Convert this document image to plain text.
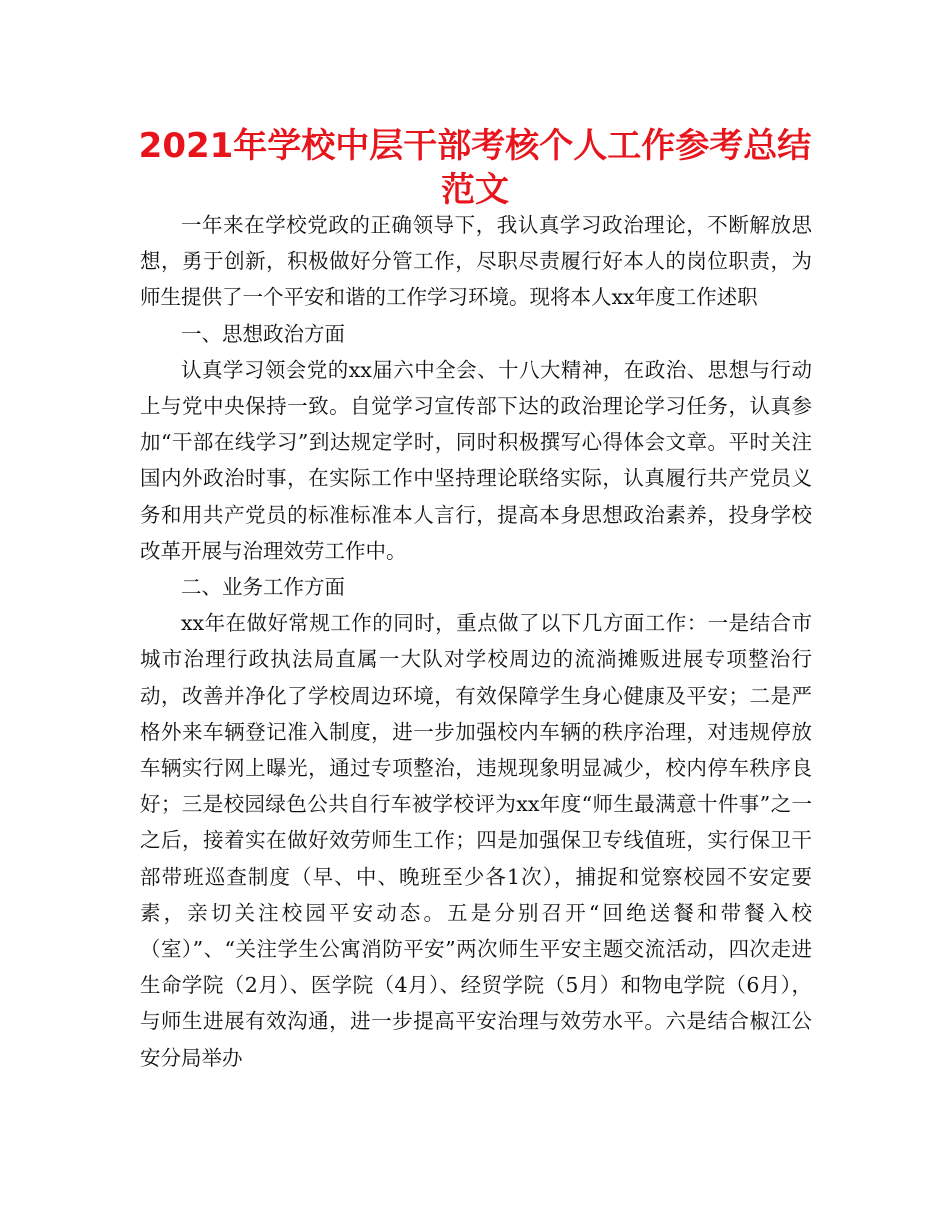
2021年学校中层干部考核个人工作参考总结范文

一年来在学校党政的正确领导下，我认真学习政治理论，不断解放思想，勇于创新，积极做好分管工作，尽职尽责履行好本人的岗位职责，为师生提供了一个平安和谐的工作学习环境。现将本人xx年度工作述职

一、思想政治方面

认真学习领会党的xx届六中全会、十八大精神，在政治、思想与行动上与党中央保持一致。自觉学习宣传部下达的政治理论学习任务，认真参加“干部在线学习”到达规定学时，同时积极撰写心得体会文章。平时关注国内外政治时事，在实际工作中坚持理论联络实际，认真履行共产党员义务和用共产党员的标准标准本人言行，提高本身思想政治素养，投身学校改革开展与治理效劳工作中。

二、业务工作方面

xx年在做好常规工作的同时，重点做了以下几方面工作：一是结合市城市治理行政执法局直属一大队对学校周边的流淌摊贩进展专项整治行动，改善并净化了学校周边环境，有效保障学生身心健康及平安；二是严格外来车辆登记准入制度，进一步加强校内车辆的秩序治理，对违规停放车辆实行网上曝光，通过专项整治，违规现象明显减少，校内停车秩序良好；三是校园绿色公共自行车被学校评为xx年度“师生最满意十件事”之一之后，接着实在做好效劳师生工作；四是加强保卫专线值班，实行保卫干部带班巡查制度（早、中、晚班至少各1次），捕捉和觉察校园不安定要素，亲切关注校园平安动态。五是分别召开“回绝送餐和带餐入校（室）”、“关注学生公寓消防平安”两次师生平安主题交流活动，四次走进生命学院（2月）、医学院（4月）、经贸学院（5月）和物电学院（6月），与师生进展有效沟通，进一步提高平安治理与效劳水平。六是结合椒江公安分局举办
